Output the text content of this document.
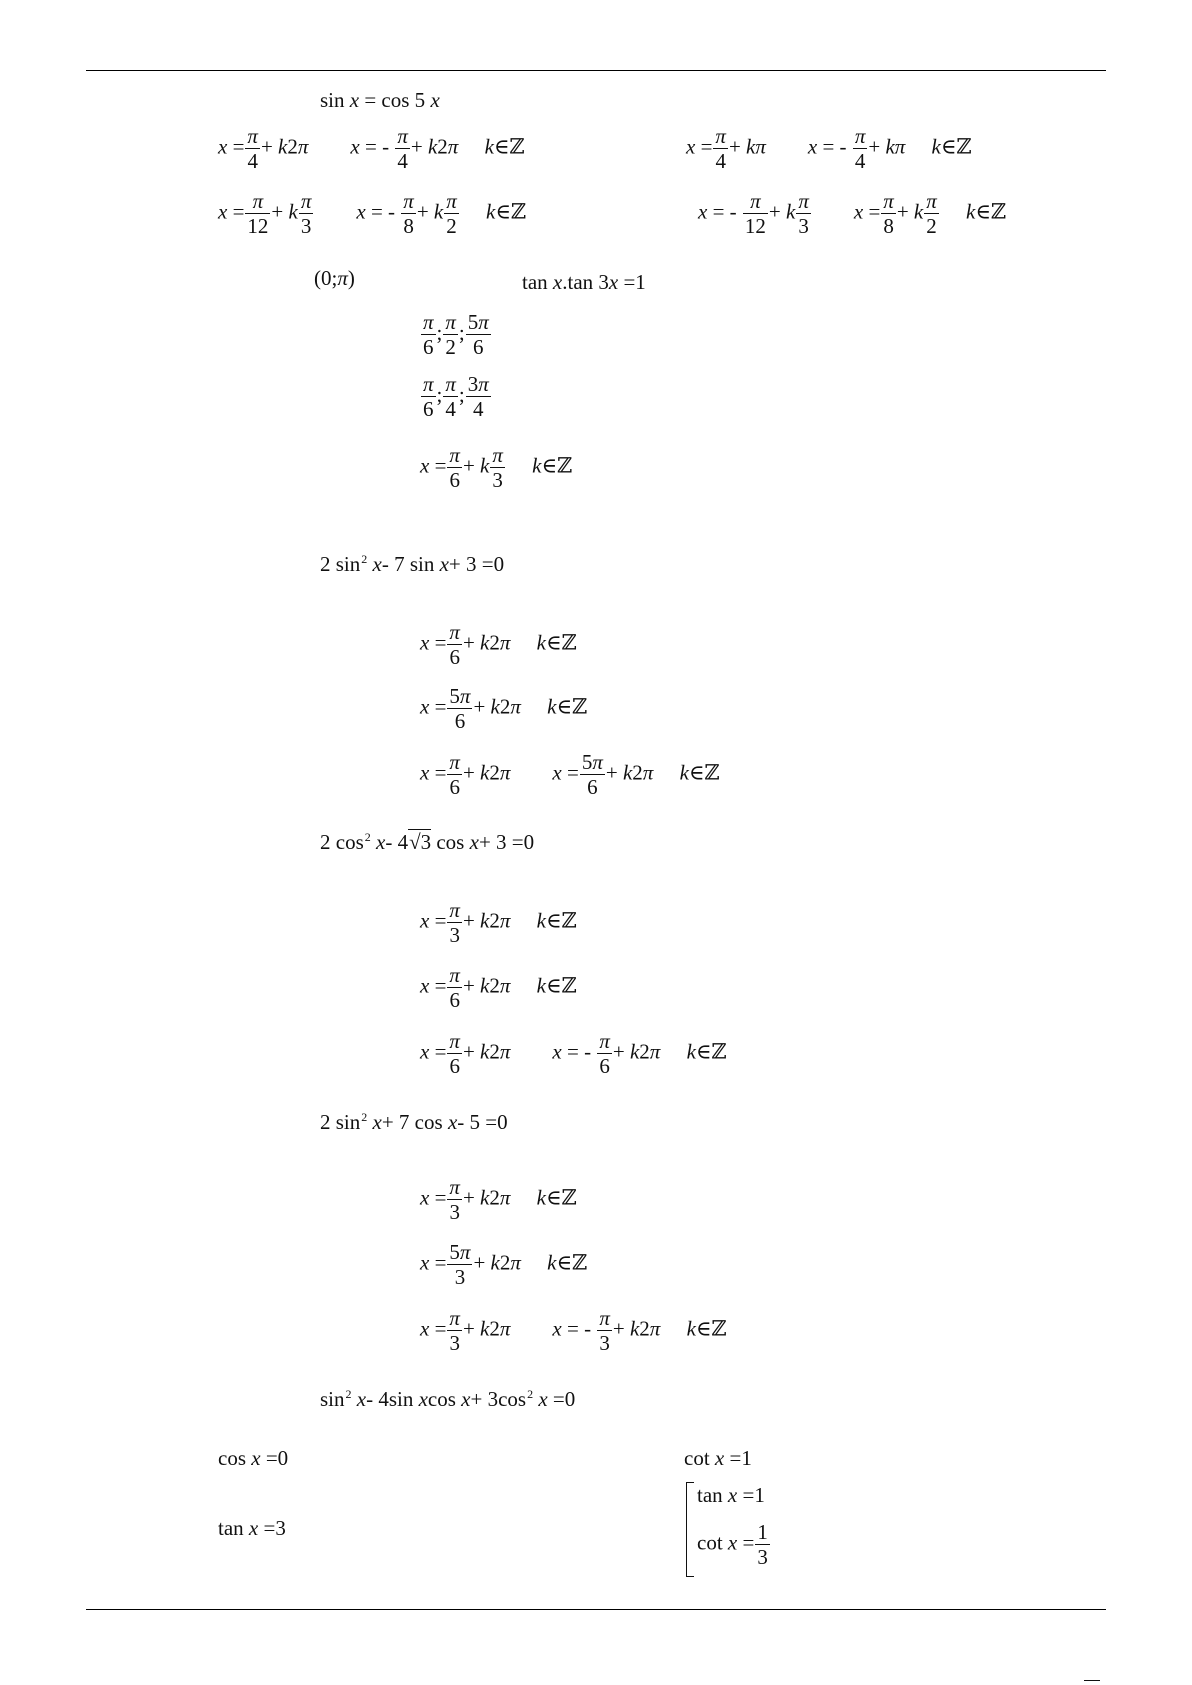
sin x = cos 5 x
$x = \frac{\pi}{4} + k2\pi$ x = - $\frac{\pi}{4} + k2\pi$ k∈ℤ	$x = \frac{\pi}{4} + k\pi$ x = - $\frac{\pi}{4} + k\pi$ k∈ℤ
$x = \frac{\pi}{12} + k \frac{\pi}{3}$ x = - $\frac{\pi}{8} + k \frac{\pi}{2}$ k∈ℤ	x = - $\frac{\pi}{12} + k \frac{\pi}{3}$ $x = \frac{\pi}{8} + k \frac{\pi}{2}$ k∈ℤ
(0;π)	tan x.tan 3x =1
$\frac{\pi}{6}$ ; $\frac{\pi}{2}$ ; $\frac{5\pi}{6}$
$\frac{\pi}{6}$ ; $\frac{\pi}{4}$ ; $\frac{3\pi}{4}$
$x = \frac{\pi}{6} + k \frac{\pi}{3}$ k∈ℤ
2 $\sin^2 x-$ 7 sin x+ 3 =0
$x = \frac{\pi}{6} + k2\pi$ k∈ℤ
$x = \frac{5\pi}{6} + k2\pi$ k∈ℤ
$x = \frac{\pi}{6} + k2\pi$ $x = \frac{5\pi}{6} + k2\pi$ k∈ℤ
2 $\cos^2 x-$ 4√3 cos x+ 3 =0
$x = \frac{\pi}{3} + k2\pi$ k∈ℤ
$x = \frac{\pi}{6} + k2\pi$ k∈ℤ
$x = \frac{\pi}{6} + k2\pi$ x = - $\frac{\pi}{6} + k2\pi$ k∈ℤ
2 $\sin^2 x+ 7$ cos x- 5 =0
$x = \frac{\pi}{3} + k2\pi$ k∈ℤ
$x = \frac{5\pi}{3} + k2\pi$ k∈ℤ
$x = \frac{\pi}{3} + k2\pi$ x = - $\frac{\pi}{3} + k2\pi$ k∈ℤ
$\sin^2 x-$ 4sin xcos $x+ 3\cos^2$ x =0
cos x =0	cot x =1
tan x =1
tan x =3
$\cot x = \frac{1}{3}$
